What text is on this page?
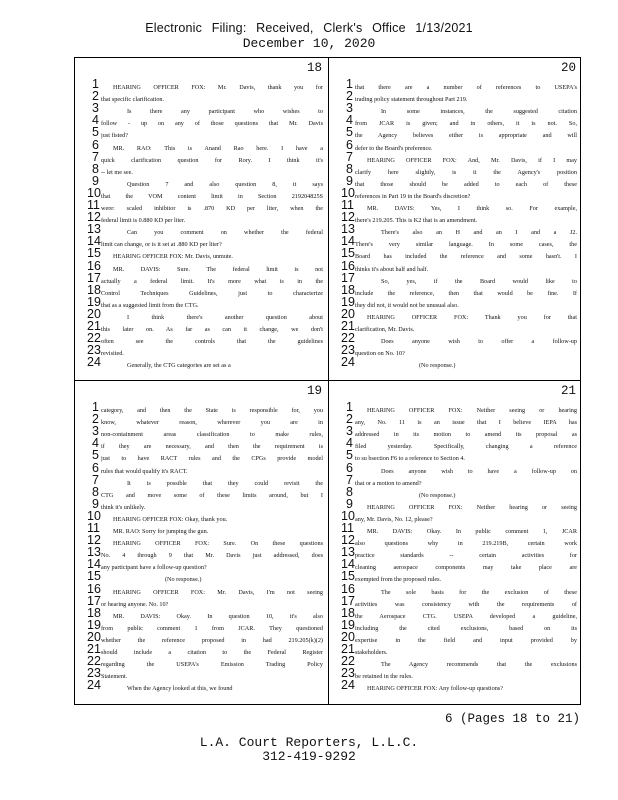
Electronic Filing: Received, Clerk's Office 1/13/2021
December 10, 2020
18
1 HEARING OFFICER FOX: Mr. Davis, thank you for
2 that specific clarification.
3	Is there any participant who wishes to
4 follow - up on any of those questions that Mr. Davis
5 just fisted?
6 MR. RAO: This is Anand Rao here. I have a
7 quick clarification question for Rory. I think it's
8 -- let me see.
9	Question 7 and also question 8, it says
10 that the VOM content limit in Section 219204825S
11 were: scaled inhibitor is .870 KD per liter, when the
12 federal limit is 0.880 KD per liter.
13	Can you comment on whether the federal
14 limit can change, or is it set at .880 KD per liter?
15 HEARING OFFICER FOX: Mr. Davis, unmute.
16 MR. DAVIS: Sure. The federal limit is not
17 actually a federal limit. It's more what is in the
18 Control Techniques Guidelines, just to characterize
19 that as a suggested limit from the CTG.
20	I think there's another question about
21 this later on. As far as can it change, we don't
22 often see the controls that the guidelines
23 revisited.
24	Generally, the CTG categories are set as a
20
1 that there are a number of references to USEPA's
2 trading policy statement throughout Part 219.
3	In some instances, the suggested citation
4 from JCAR is given; and in others, it is not. So,
5 the Agency believes either is appropriate and will
6 defer to the Board's preference.
7 HEARING OFFICER FOX: And, Mr. Davis, if I may
8 clarify here slightly, is it the Agency's position
9 that those should be added to each of these
10 references in Part 19 in the Board's discretion?
11 MR. DAVIS: Yes, I think so. For example,
12 there's 219.205. This is K2 that is an amendment.
13	There's also an H and an I and a J2.
14 There's very similar language. In some cases, the
15 Board has included the reference and some hasn't. I
16 thinks it's about half and half.
17	So, yes, if the Board would like to
18 include the reference, then that would be fine. If
19 they did not, it would not be unusual also.
20 HEARING OFFICER FOX: Thank you for that
21 clarification, Mr. Davis.
22	Does anyone wish to offer a follow-up
23 question on No. 10?
24	(No response.)
19
1 category, and then the State is responsible for, you
2 know, whatever reason, wherever you are in
3 non-containment areas classification to make rules,
4 if they are necessary, and then the requirement is
5 just to have RACT rules and the CPGs provide model
6 rules that would qualify it's RACT.
7	It is possible that they could revisit the
8 CTG and move some of these limits around, but I
9 think it's unlikely.
10 HEARING OFFICER FOX: Okay, thank you.
11 MR. RAO: Sorry for jumping the gun.
12 HEARING OFFICER FOX: Sure. On these questions
13 No. 4 through 9 that Mr. Davis just addressed, does
14 any participant have a follow-up question?
15	(No response.)
16 HEARING OFFICER FOX: Mr. Davis, I'm not seeing
17 or hearing anyone. No. 10?
18 MR. DAVIS: Okay. In question 10, it's also
19 from public comment 1 from JCAR. They questioned
20 whether the reference proposed in had 219.205(k)(2)
21 should include a citation to the Federal Register
22 regarding the USEPA's Emission Trading Policy
23 Statement.
24	When the Agency looked at this, we found
21
1 HEARING OFFICER FOX: Neither seeing or hearing
2 any, No. 11 is an issue that I believe IEPA has
3 addressed in its motion to amend its proposal as
4 filed yesterday. Specifically, changing a reference
5 to su bsection F6 to a reference to Section 4.
6	Does anyone wish to have a follow-up on
7 that or a motion to amend?
8	(No response.)
9 HEARING OFFICER FOX: Neither hearing or seeing
10 any, Mr. Davis, No. 12, please?
11 MR. DAVIS: Okay. In public comment 1, JCAR
12 also questions why in 219.219B, certain work
13 practice standards -- certain activities for
14 cleaning aerospace components may take place are
15 exempted from the proposed rules.
16	The sole basis for the exclusion of these
17 activities was consistency with the requirements of
18 the Aerospace CTG. USEPA developed a guideline,
19 including the cited exclusions, based on its
20 expertise in the field and input provided by
21 stakeholders.
22	The Agency recommends that the exclusions
23 be retained in the rules.
24 HEARING OFFICER FOX: Any follow-up questions?
6 (Pages 18 to 21)
L.A. Court Reporters, L.L.C.
312-419-9292
